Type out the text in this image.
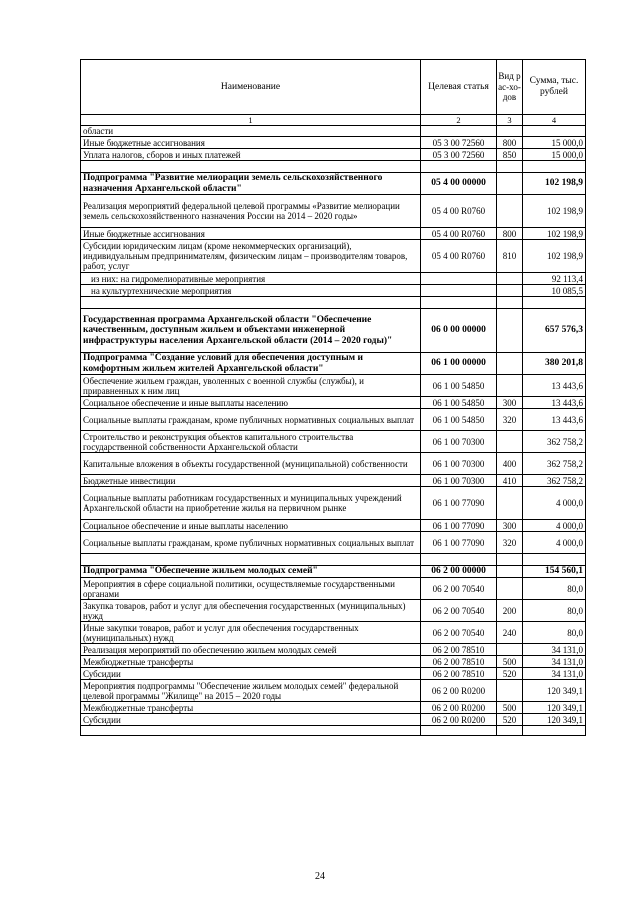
Наименование	Целевая статья	Вид рас-хо-дов	Сумма, тыс. рублей
1	2	3	4
области			
Иные бюджетные ассигнования	05 3 00 72560	800	15 000,0
Уплата налогов, сборов и иных платежей	05 3 00 72560	850	15 000,0

Подпрограмма "Развитие мелиорации земель сельскохозяйственного назначения Архангельской области"	05 4 00 00000		102 198,9
Реализация мероприятий федеральной целевой программы «Развитие мелиорации земель сельскохозяйственного назначения России на 2014 – 2020 годы»	05 4 00 R0760		102 198,9
Иные бюджетные ассигнования	05 4 00 R0760	800	102 198,9
Субсидии юридическим лицам (кроме некоммерческих организаций), индивидуальным предпринимателям, физическим лицам – производителям товаров, работ, услуг	05 4 00 R0760	810	102 198,9
из них: на гидромелиоративные мероприятия			92 113,4
на культуртехнические мероприятия			10 085,5

Государственная программа Архангельской области "Обеспечение качественным, доступным жильем и объектами инженерной инфраструктуры населения Архангельской области (2014 – 2020 годы)"	06 0 00 00000		657 576,3
Подпрограмма "Создание условий для обеспечения доступным и комфортным жильем жителей Архангельской области"	06 1 00 00000		380 201,8
Обеспечение жильем граждан, уволенных с военной службы (службы), и приравненных к ним лиц	06 1 00 54850		13 443,6
Социальное обеспечение и иные выплаты населению	06 1 00 54850	300	13 443,6
Социальные выплаты гражданам, кроме публичных нормативных социальных выплат	06 1 00 54850	320	13 443,6
Строительство и реконструкция объектов капитального строительства государственной собственности Архангельской области	06 1 00 70300		362 758,2
Капитальные вложения в объекты государственной (муниципальной) собственности	06 1 00 70300	400	362 758,2
Бюджетные инвестиции	06 1 00 70300	410	362 758,2
Социальные выплаты работникам государственных и муниципальных учреждений Архангельской области на приобретение жилья на первичном рынке	06 1 00 77090		4 000,0
Социальное обеспечение и иные выплаты населению	06 1 00 77090	300	4 000,0
Социальные выплаты гражданам, кроме публичных нормативных социальных выплат	06 1 00 77090	320	4 000,0

Подпрограмма "Обеспечение жильем молодых семей"	06 2 00 00000		154 560,1
Мероприятия в сфере социальной политики, осуществляемые государственными органами	06 2 00 70540		80,0
Закупка товаров, работ и услуг для обеспечения государственных (муниципальных) нужд	06 2 00 70540	200	80,0
Иные закупки товаров, работ и услуг для обеспечения государственных (муниципальных) нужд	06 2 00 70540	240	80,0
Реализация мероприятий по обеспечению жильем молодых семей	06 2 00 78510		34 131,0
Межбюджетные трансферты	06 2 00 78510	500	34 131,0
Субсидии	06 2 00 78510	520	34 131,0
Мероприятия подпрограммы "Обеспечение жильем молодых семей" федеральной целевой программы "Жилище" на 2015 – 2020 годы	06 2 00 R0200		120 349,1
Межбюджетные трансферты	06 2 00 R0200	500	120 349,1
Субсидии	06 2 00 R0200	520	120 349,1

24
